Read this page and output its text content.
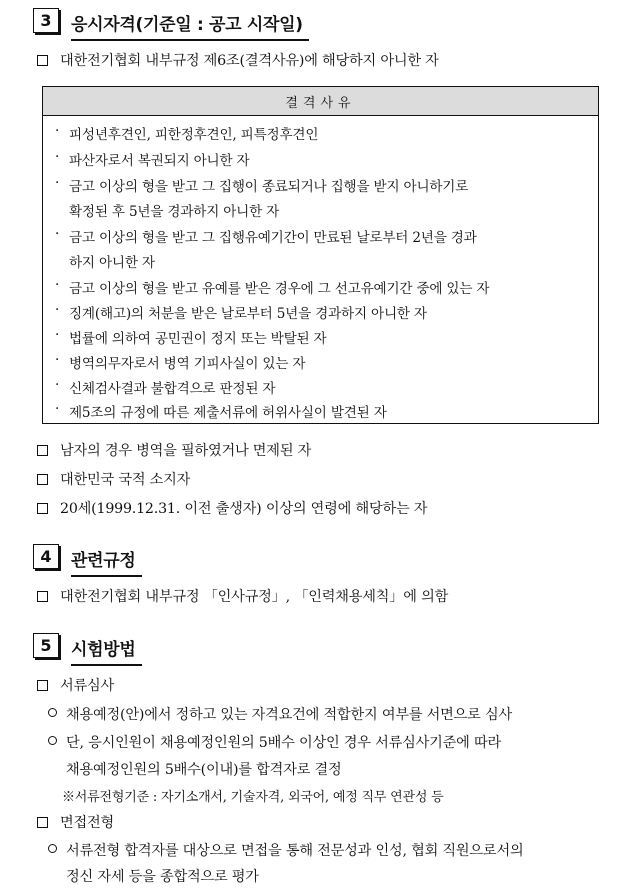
3	응시자격(기준일 : 공고 시작일)
대한전기협회 내부규정 제6조(결격사유)에 해당하지 아니한 자
결격사유
· 피성년후견인, 피한정후견인, 피특정후견인
· 파산자로서 복권되지 아니한 자
· 금고 이상의 형을 받고 그 집행이 종료되거나 집행을 받지 아니하기로
확정된 후 5년을 경과하지 아니한 자
· 금고 이상의 형을 받고 그 집행유예기간이 만료된 날로부터 2년을 경과
하지 아니한 자
· 금고 이상의 형을 받고 유예를 받은 경우에 그 선고유예기간 중에 있는 자
· 징계(해고)의 처분을 받은 날로부터 5년을 경과하지 아니한 자
· 법률에 의하여 공민권이 정지 또는 박탈된 자
· 병역의무자로서 병역 기피사실이 있는 자
· 신체검사결과 불합격으로 판정된 자
· 제5조의 규정에 따른 제출서류에 허위사실이 발견된 자
남자의 경우 병역을 필하였거나 면제된 자
대한민국 국적 소지자
20세(1999.12.31. 이전 출생자) 이상의 연령에 해당하는 자
4	관련규정
대한전기협회 내부규정 「인사규정」, 「인력채용세칙」에 의함
5	시험방법
서류심사
채용예정(안)에서 정하고 있는 자격요건에 적합한지 여부를 서면으로 심사
단, 응시인원이 채용예정인원의 5배수 이상인 경우 서류심사기준에 따라
채용예정인원의 5배수(이내)를 합격자로 결정
※서류전형기준 : 자기소개서, 기술자격, 외국어, 예정 직무 연관성 등
면접전형
서류전형 합격자를 대상으로 면접을 통해 전문성과 인성, 협회 직원으로서의
정신 자세 등을 종합적으로 평가
